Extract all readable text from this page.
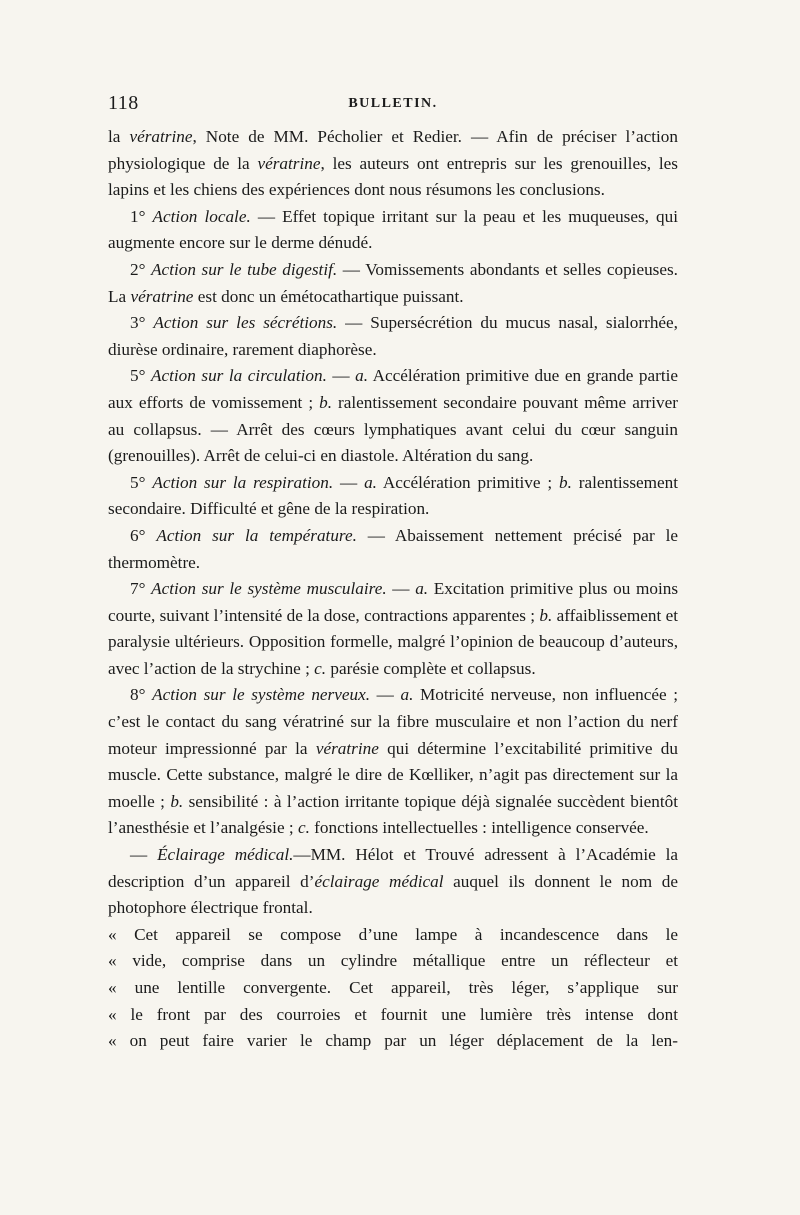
118	BULLETIN.

la vératrine, Note de MM. Pécholier et Redier. — Afin de préciser l’action physiologique de la vératrine, les auteurs ont entrepris sur les grenouilles, les lapins et les chiens des expériences dont nous résumons les conclusions.

1° Action locale. — Effet topique irritant sur la peau et les muqueuses, qui augmente encore sur le derme dénudé.

2° Action sur le tube digestif. — Vomissements abondants et selles copieuses. La vératrine est donc un émétocathartique puissant.

3° Action sur les sécrétions. — Supersécrétion du mucus nasal, sialorrhée, diurèse ordinaire, rarement diaphorèse.

5° Action sur la circulation. — a. Accélération primitive due en grande partie aux efforts de vomissement ; b. ralentissement secondaire pouvant même arriver au collapsus. — Arrêt des cœurs lymphatiques avant celui du cœur sanguin (grenouilles). Arrêt de celui-ci en diastole. Altération du sang.

5° Action sur la respiration. — a. Accélération primitive ; b. ralentissement secondaire. Difficulté et gêne de la respiration.

6° Action sur la température. — Abaissement nettement précisé par le thermomètre.

7° Action sur le système musculaire. — a. Excitation primitive plus ou moins courte, suivant l’intensité de la dose, contractions apparentes ; b. affaiblissement et paralysie ultérieurs. Opposition formelle, malgré l’opinion de beaucoup d’auteurs, avec l’action de la strychine ; c. parésie complète et collapsus.

8° Action sur le système nerveux. — a. Motricité nerveuse, non influencée ; c’est le contact du sang vératriné sur la fibre musculaire et non l’action du nerf moteur impressionné par la vératrine qui détermine l’excitabilité primitive du muscle. Cette substance, malgré le dire de Kœlliker, n’agit pas directement sur la moelle ; b. sensibilité : à l’action irritante topique déjà signalée succèdent bientôt l’anesthésie et l’analgésie ; c. fonctions intellectuelles : intelligence conservée.

— Éclairage médical.—MM. Hélot et Trouvé adressent à l’Académie la description d’un appareil d’éclairage médical auquel ils donnent le nom de photophore électrique frontal.

« Cet appareil se compose d’une lampe à incandescence dans le
« vide, comprise dans un cylindre métallique entre un réflecteur et
« une lentille convergente. Cet appareil, très léger, s’applique sur
« le front par des courroies et fournit une lumière très intense dont
« on peut faire varier le champ par un léger déplacement de la len-
